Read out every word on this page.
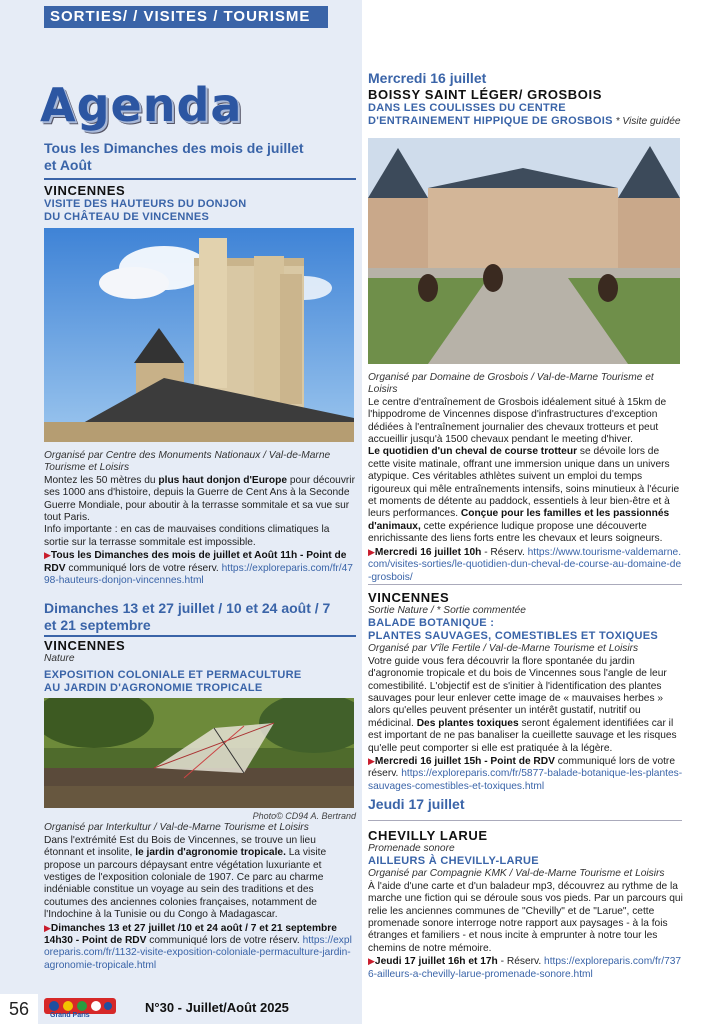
SORTIES/ / VISITES / TOURISME
Agenda
Tous les Dimanches des mois de juillet et Août
VINCENNES
VISITE DES HAUTEURS DU DONJON
DU CHÂTEAU DE VINCENNES

Organisé par Centre des Monuments Nationaux / Val-de-Marne Tourisme et Loisirs

Montez les 50 mètres du plus haut donjon d'Europe pour découvrir ses 1000 ans d'histoire, depuis la Guerre de Cent Ans à la Seconde Guerre Mondiale, pour aboutir à la terrasse sommitale et sa vue sur tout Paris.

Info importante : en cas de mauvaises conditions climatiques la sortie sur la terrasse sommitale est impossible.

▶Tous les Dimanches des mois de juillet et Août 11h - Point de RDV communiqué lors de votre réserv. https://exploreparis.com/fr/4798-hauteurs-donjon-vincennes.html

Dimanches 13 et 27 juillet / 10 et 24 août / 7 et 21 septembre
VINCENNES
Nature
EXPOSITION COLONIALE ET PERMACULTURE
AU JARDIN D'AGRONOMIE TROPICALE
Photo© CD94 A. Bertrand

Organisé par Interkultur / Val-de-Marne Tourisme et Loisirs

Dans l'extrémité Est du Bois de Vincennes, se trouve un lieu étonnant et insolite, le jardin d'agronomie tropicale. La visite propose un parcours dépaysant entre végétation luxuriante et vestiges de l'exposition coloniale de 1907. Ce parc au charme indéniable constitue un voyage au sein des traditions et des coutumes des anciennes colonies françaises, notamment de l'Indochine à la Tunisie ou du Congo à Madagascar.

▶Dimanches 13 et 27 juillet /10 et 24 août / 7 et 21 septembre 14h30 - Point de RDV communiqué lors de votre réserv. https://exploreparis.com/fr/1132-visite-exposition-coloniale-permaculture-jardin-agronomie-tropicale.html

Mercredi 16 juillet
BOISSY SAINT LÉGER/ GROSBOIS
DANS LES COULISSES DU CENTRE
D'ENTRAINEMENT HIPPIQUE DE GROSBOIS * Visite guidée

Organisé par Domaine de Grosbois / Val-de-Marne Tourisme et Loisirs

Le centre d'entraînement de Grosbois idéalement situé à 15km de l'hippodrome de Vincennes dispose d'infrastructures d'exception dédiées à l'entraînement journalier des chevaux trotteurs et peut accueillir jusqu'à 1500 chevaux pendant le meeting d'hiver.

Le quotidien d'un cheval de course trotteur se dévoile lors de cette visite matinale, offrant une immersion unique dans un univers atypique. Ces véritables athlètes suivent un emploi du temps rigoureux qui mêle entraînements intensifs, soins minutieux à l'écurie et moments de détente au paddock, essentiels à leur bien-être et à leurs performances. Conçue pour les familles et les passionnés d'animaux, cette expérience ludique propose une découverte enrichissante des liens forts entre les chevaux et leurs soigneurs.

▶Mercredi 16 juillet 10h - Réserv. https://www.tourisme-valdemarne.com/visites-sorties/le-quotidien-dun-cheval-de-course-au-domaine-de-grosbois/

VINCENNES
Sortie Nature / * Sortie commentée
BALADE BOTANIQUE :
PLANTES SAUVAGES, COMESTIBLES ET TOXIQUES

Organisé par V'île Fertile / Val-de-Marne Tourisme et Loisirs

Votre guide vous fera découvrir la flore spontanée du jardin d'agronomie tropicale et du bois de Vincennes sous l'angle de leur comestibilité. L'objectif est de s'initier à l'identification des plantes sauvages pour leur enlever cette image de « mauvaises herbes » alors qu'elles peuvent présenter un intérêt gustatif, nutritif ou médicinal. Des plantes toxiques seront également identifiées car il est important de ne pas banaliser la cueillette sauvage et les risques qu'elle peut comporter si elle est pratiquée à la légère.

▶Mercredi 16 juillet 15h - Point de RDV communiqué lors de votre réserv. https://exploreparis.com/fr/5877-balade-botanique-les-plantes-sauvages-comestibles-et-toxiques.html

Jeudi 17 juillet
CHEVILLY LARUE
Promenade sonore
AILLEURS À CHEVILLY-LARUE

Organisé par Compagnie KMK / Val-de-Marne Tourisme et Loisirs

À l'aide d'une carte et d'un baladeur mp3, découvrez au rythme de la marche une fiction qui se déroule sous vos pieds. Par un parcours qui relie les anciennes communes de "Chevilly" et de "Larue", cette promenade sonore interroge notre rapport aux paysages - à la fois étranges et familiers - et nous incite à emprunter à notre tour les chemins de notre mémoire.

▶Jeudi 17 juillet 16h et 17h - Réserv. https://exploreparis.com/fr/7376-ailleurs-a-chevilly-larue-promenade-sonore.html

56	Grand Paris
N°30 - Juillet/Août 2025
